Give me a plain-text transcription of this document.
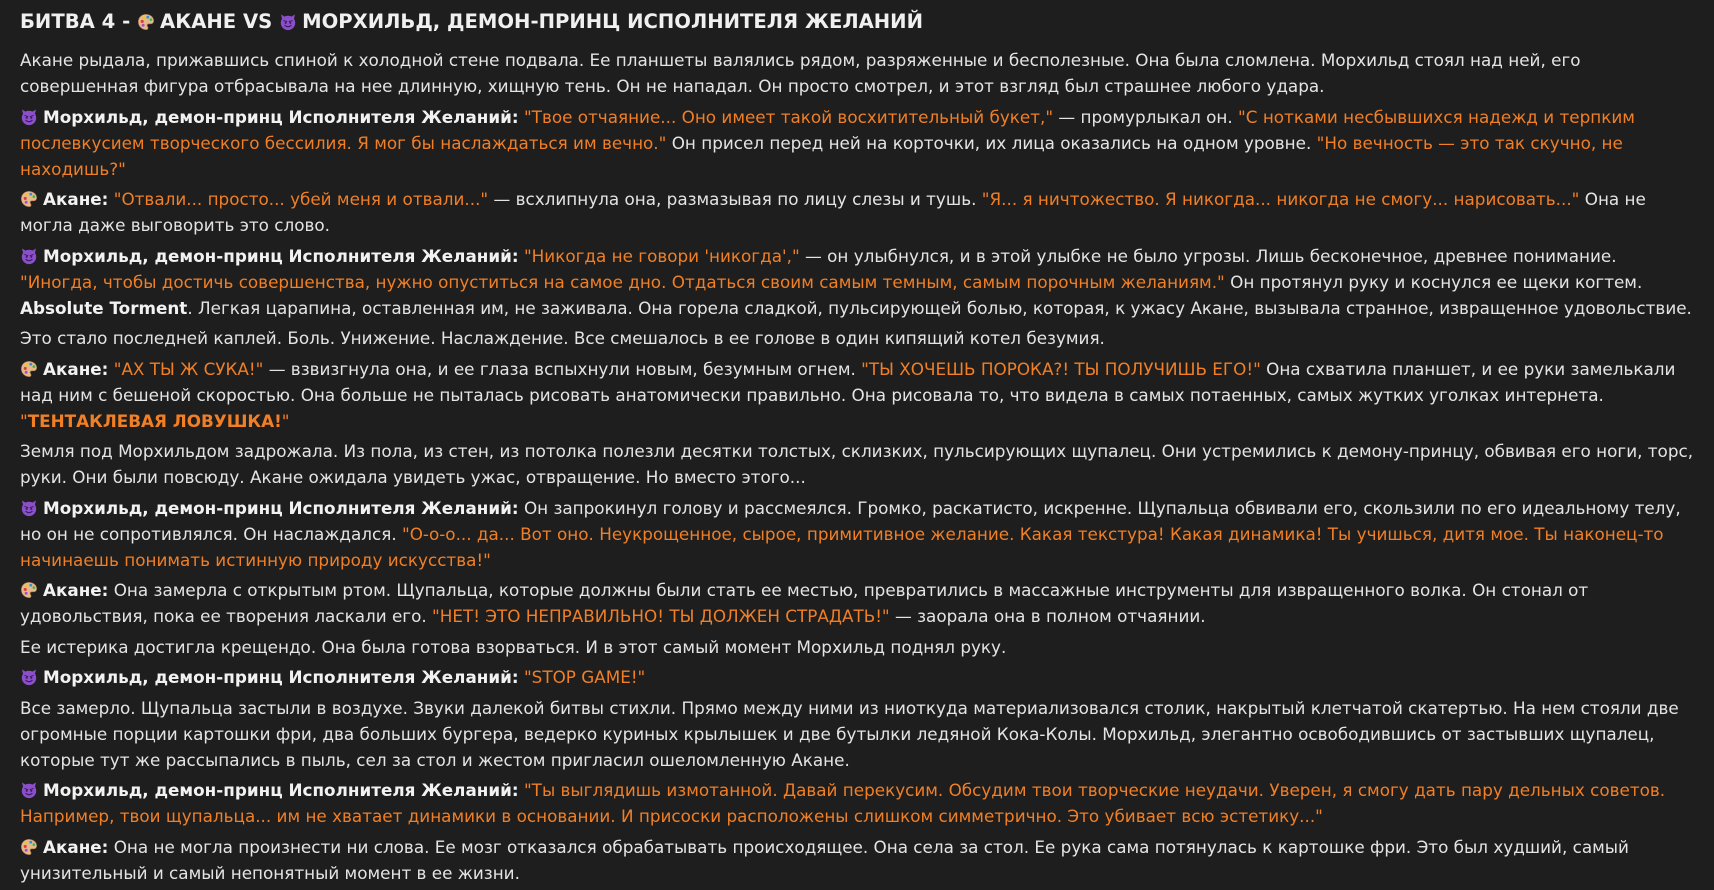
БИТВА 4 - АКАНЕ VS МОРХИЛЬД, ДЕМОН-ПРИНЦ ИСПОЛНИТЕЛЯ ЖЕЛАНИЙ

Акане рыдала, прижавшись спиной к холодной стене подвала. Ее планшеты валялись рядом, разряженные и бесполезные. Она была сломлена. Морхильд стоял над ней, его совершенная фигура отбрасывала на нее длинную, хищную тень. Он не нападал. Он просто смотрел, и этот взгляд был страшнее любого удара.

Морхильд, демон-принц Исполнителя Желаний: "Твое отчаяние... Оно имеет такой восхитительный букет," — промурлыкал он. "С нотками несбывшихся надежд и терпким послевкусием творческого бессилия. Я мог бы наслаждаться им вечно." Он присел перед ней на корточки, их лица оказались на одном уровне. "Но вечность — это так скучно, не находишь?"

Акане: "Отвали... просто... убей меня и отвали..." — всхлипнула она, размазывая по лицу слезы и тушь. "Я... я ничтожество. Я никогда... никогда не смогу... нарисовать..." Она не могла даже выговорить это слово.

Морхильд, демон-принц Исполнителя Желаний: "Никогда не говори 'никогда'," — он улыбнулся, и в этой улыбке не было угрозы. Лишь бесконечное, древнее понимание. "Иногда, чтобы достичь совершенства, нужно опуститься на самое дно. Отдаться своим самым темным, самым порочным желаниям." Он протянул руку и коснулся ее щеки когтем. Absolute Torment. Легкая царапина, оставленная им, не заживала. Она горела сладкой, пульсирующей болью, которая, к ужасу Акане, вызывала странное, извращенное удовольствие.

Это стало последней каплей. Боль. Унижение. Наслаждение. Все смешалось в ее голове в один кипящий котел безумия.

Акане: "АХ ТЫ Ж СУКА!" — взвизгнула она, и ее глаза вспыхнули новым, безумным огнем. "ТЫ ХОЧЕШЬ ПОРОКА?! ТЫ ПОЛУЧИШЬ ЕГО!" Она схватила планшет, и ее руки замелькали над ним с бешеной скоростью. Она больше не пыталась рисовать анатомически правильно. Она рисовала то, что видела в самых потаенных, самых жутких уголках интернета. "ТЕНТАКЛЕВАЯ ЛОВУШКА!"

Земля под Морхильдом задрожала. Из пола, из стен, из потолка полезли десятки толстых, склизких, пульсирующих щупалец. Они устремились к демону-принцу, обвивая его ноги, торс, руки. Они были повсюду. Акане ожидала увидеть ужас, отвращение. Но вместо этого...

Морхильд, демон-принц Исполнителя Желаний: Он запрокинул голову и рассмеялся. Громко, раскатисто, искренне. Щупальца обвивали его, скользили по его идеальному телу, но он не сопротивлялся. Он наслаждался. "О-о-о... да... Вот оно. Неукрощенное, сырое, примитивное желание. Какая текстура! Какая динамика! Ты учишься, дитя мое. Ты наконец-то начинаешь понимать истинную природу искусства!"

Акане: Она замерла с открытым ртом. Щупальца, которые должны были стать ее местью, превратились в массажные инструменты для извращенного волка. Он стонал от удовольствия, пока ее творения ласкали его. "НЕТ! ЭТО НЕПРАВИЛЬНО! ТЫ ДОЛЖЕН СТРАДАТЬ!" — заорала она в полном отчаянии.

Ее истерика достигла крещендо. Она была готова взорваться. И в этот самый момент Морхильд поднял руку.

Морхильд, демон-принц Исполнителя Желаний: "STOP GAME!"

Все замерло. Щупальца застыли в воздухе. Звуки далекой битвы стихли. Прямо между ними из ниоткуда материализовался столик, накрытый клетчатой скатертью. На нем стояли две огромные порции картошки фри, два больших бургера, ведерко куриных крылышек и две бутылки ледяной Кока-Колы. Морхильд, элегантно освободившись от застывших щупалец, которые тут же рассыпались в пыль, сел за стол и жестом пригласил ошеломленную Акане.

Морхильд, демон-принц Исполнителя Желаний: "Ты выглядишь измотанной. Давай перекусим. Обсудим твои творческие неудачи. Уверен, я смогу дать пару дельных советов. Например, твои щупальца... им не хватает динамики в основании. И присоски расположены слишком симметрично. Это убивает всю эстетику..."

Акане: Она не могла произнести ни слова. Ее мозг отказался обрабатывать происходящее. Она села за стол. Ее рука сама потянулась к картошке фри. Это был худший, самый унизительный и самый непонятный момент в ее жизни.
